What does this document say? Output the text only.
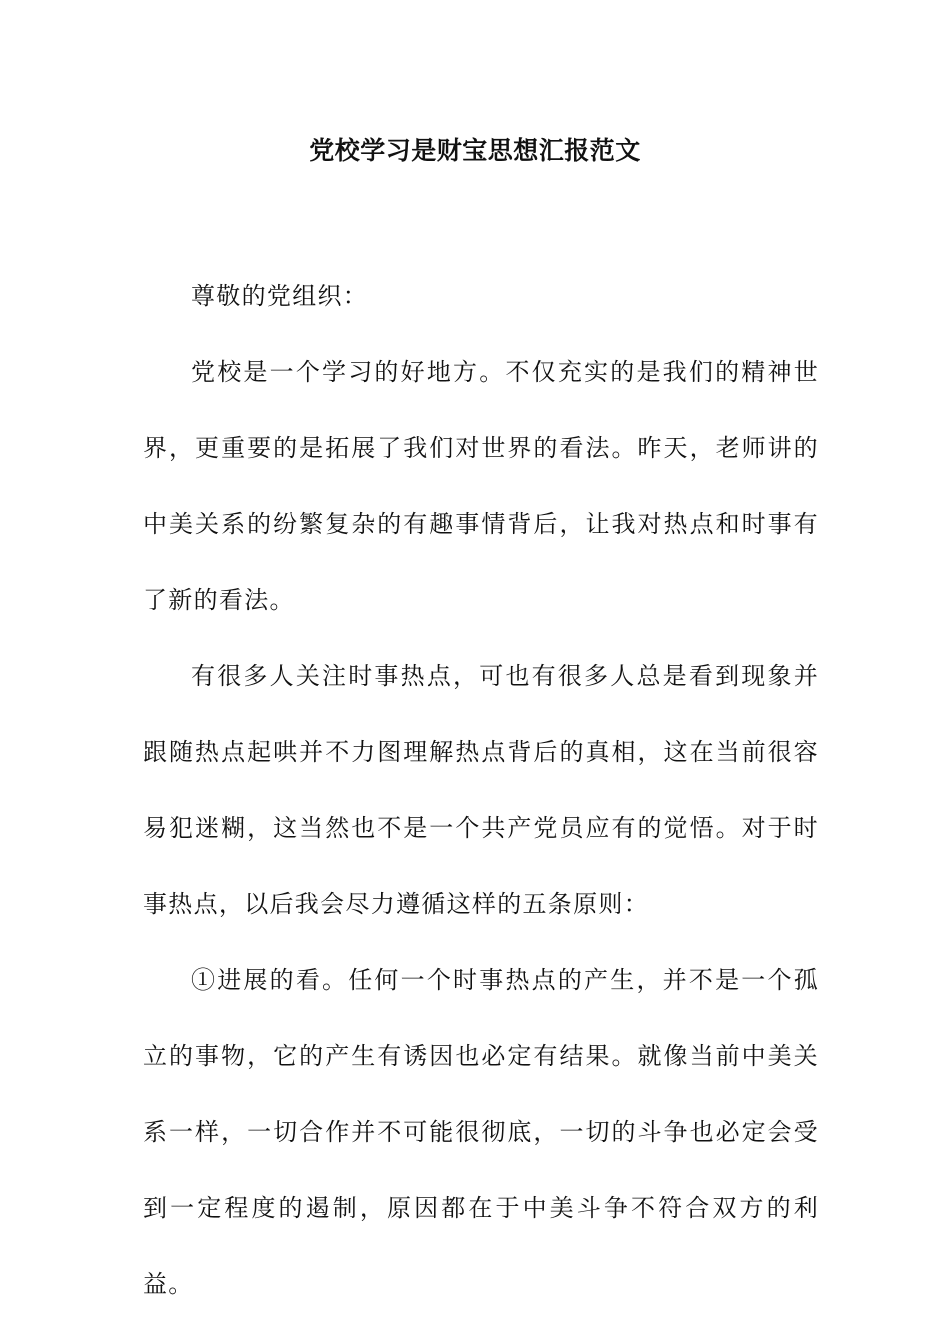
党校学习是财宝思想汇报范文

尊敬的党组织：

党校是一个学习的好地方。不仅充实的是我们的精神世界，更重要的是拓展了我们对世界的看法。昨天，老师讲的中美关系的纷繁复杂的有趣事情背后，让我对热点和时事有了新的看法。

有很多人关注时事热点，可也有很多人总是看到现象并跟随热点起哄并不力图理解热点背后的真相，这在当前很容易犯迷糊，这当然也不是一个共产党员应有的觉悟。对于时事热点，以后我会尽力遵循这样的五条原则：

①进展的看。任何一个时事热点的产生，并不是一个孤立的事物，它的产生有诱因也必定有结果。就像当前中美关系一样，一切合作并不可能很彻底，一切的斗争也必定会受到一定程度的遏制，原因都在于中美斗争不符合双方的利益。
